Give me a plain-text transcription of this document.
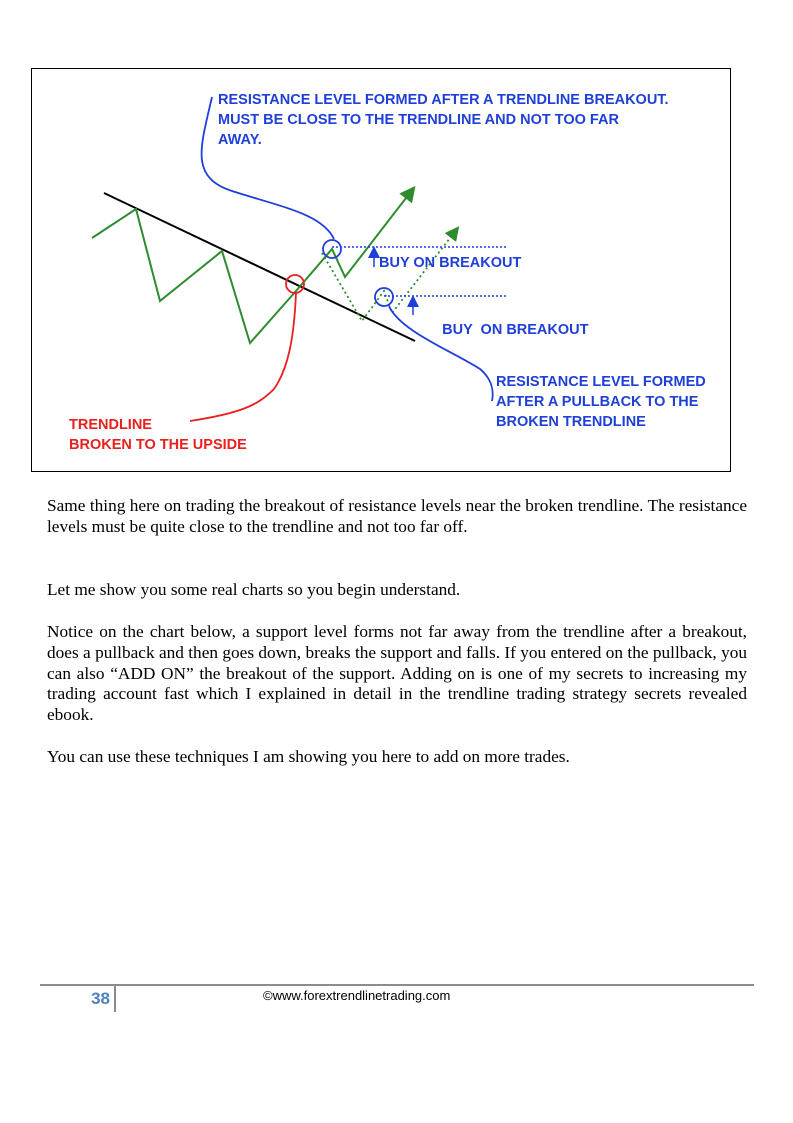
RESISTANCE LEVEL FORMED AFTER A TRENDLINE BREAKOUT.
MUST BE CLOSE TO THE TRENDLINE AND NOT TOO FAR
AWAY.

BUY ON BREAKOUT

BUY  ON BREAKOUT

RESISTANCE LEVEL FORMED
AFTER A PULLBACK TO THE
BROKEN TRENDLINE

TRENDLINE
BROKEN TO THE UPSIDE

Same thing here on trading the breakout of resistance levels near the broken trendline. The resistance levels must be quite close to the trendline and not too far off.

Let me show you some real charts so you begin understand.

Notice on the chart below, a support level forms not far away from the trendline after a breakout, does a pullback and then goes down, breaks the support and falls. If you entered on the pullback, you can also “ADD ON” the breakout of the support. Adding on is one of my secrets to increasing my trading account fast which I explained in detail in the trendline trading strategy secrets revealed ebook.

You can use these techniques I am showing you here to add on more trades.

38	©www.forextrendlinetrading.com
